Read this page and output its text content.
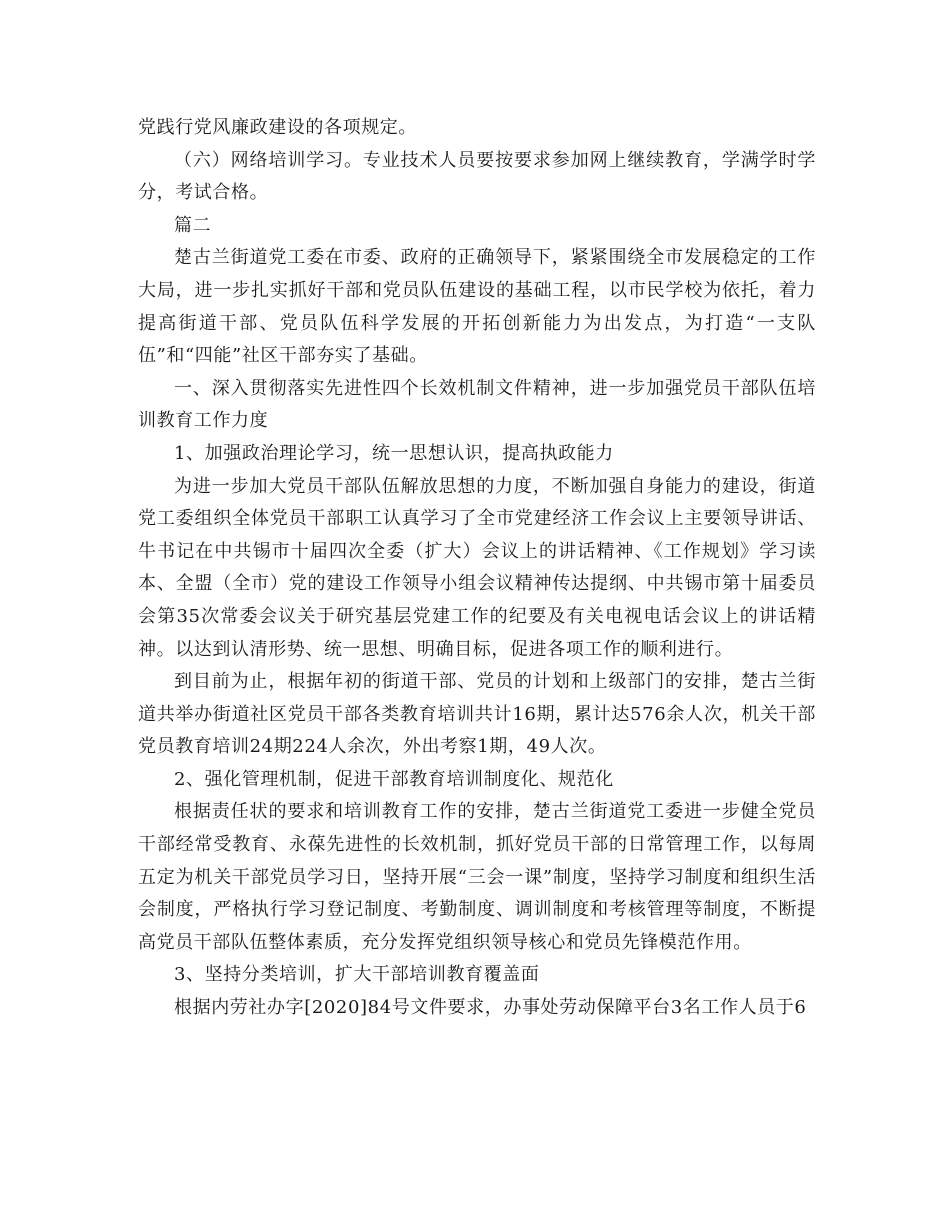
党践行党风廉政建设的各项规定。

（六）网络培训学习。专业技术人员要按要求参加网上继续教育，学满学时学分，考试合格。

篇二

楚古兰街道党工委在市委、政府的正确领导下，紧紧围绕全市发展稳定的工作大局，进一步扎实抓好干部和党员队伍建设的基础工程，以市民学校为依托，着力提高街道干部、党员队伍科学发展的开拓创新能力为出发点，为打造“一支队伍”和“四能”社区干部夯实了基础。

一、深入贯彻落实先进性四个长效机制文件精神，进一步加强党员干部队伍培训教育工作力度

1、加强政治理论学习，统一思想认识，提高执政能力

为进一步加大党员干部队伍解放思想的力度，不断加强自身能力的建设，街道党工委组织全体党员干部职工认真学习了全市党建经济工作会议上主要领导讲话、牛书记在中共锡市十届四次全委（扩大）会议上的讲话精神、《工作规划》学习读本、全盟（全市）党的建设工作领导小组会议精神传达提纲、中共锡市第十届委员会第35次常委会议关于研究基层党建工作的纪要及有关电视电话会议上的讲话精神。以达到认清形势、统一思想、明确目标，促进各项工作的顺利进行。

到目前为止，根据年初的街道干部、党员的计划和上级部门的安排，楚古兰街道共举办街道社区党员干部各类教育培训共计16期，累计达576余人次，机关干部党员教育培训24期224人余次，外出考察1期，49人次。

2、强化管理机制，促进干部教育培训制度化、规范化

根据责任状的要求和培训教育工作的安排，楚古兰街道党工委进一步健全党员干部经常受教育、永葆先进性的长效机制，抓好党员干部的日常管理工作，以每周五定为机关干部党员学习日，坚持开展“三会一课”制度，坚持学习制度和组织生活会制度，严格执行学习登记制度、考勤制度、调训制度和考核管理等制度，不断提高党员干部队伍整体素质，充分发挥党组织领导核心和党员先锋模范作用。

3、坚持分类培训，扩大干部培训教育覆盖面

根据内劳社办字[2020]84号文件要求，办事处劳动保障平台3名工作人员于6
